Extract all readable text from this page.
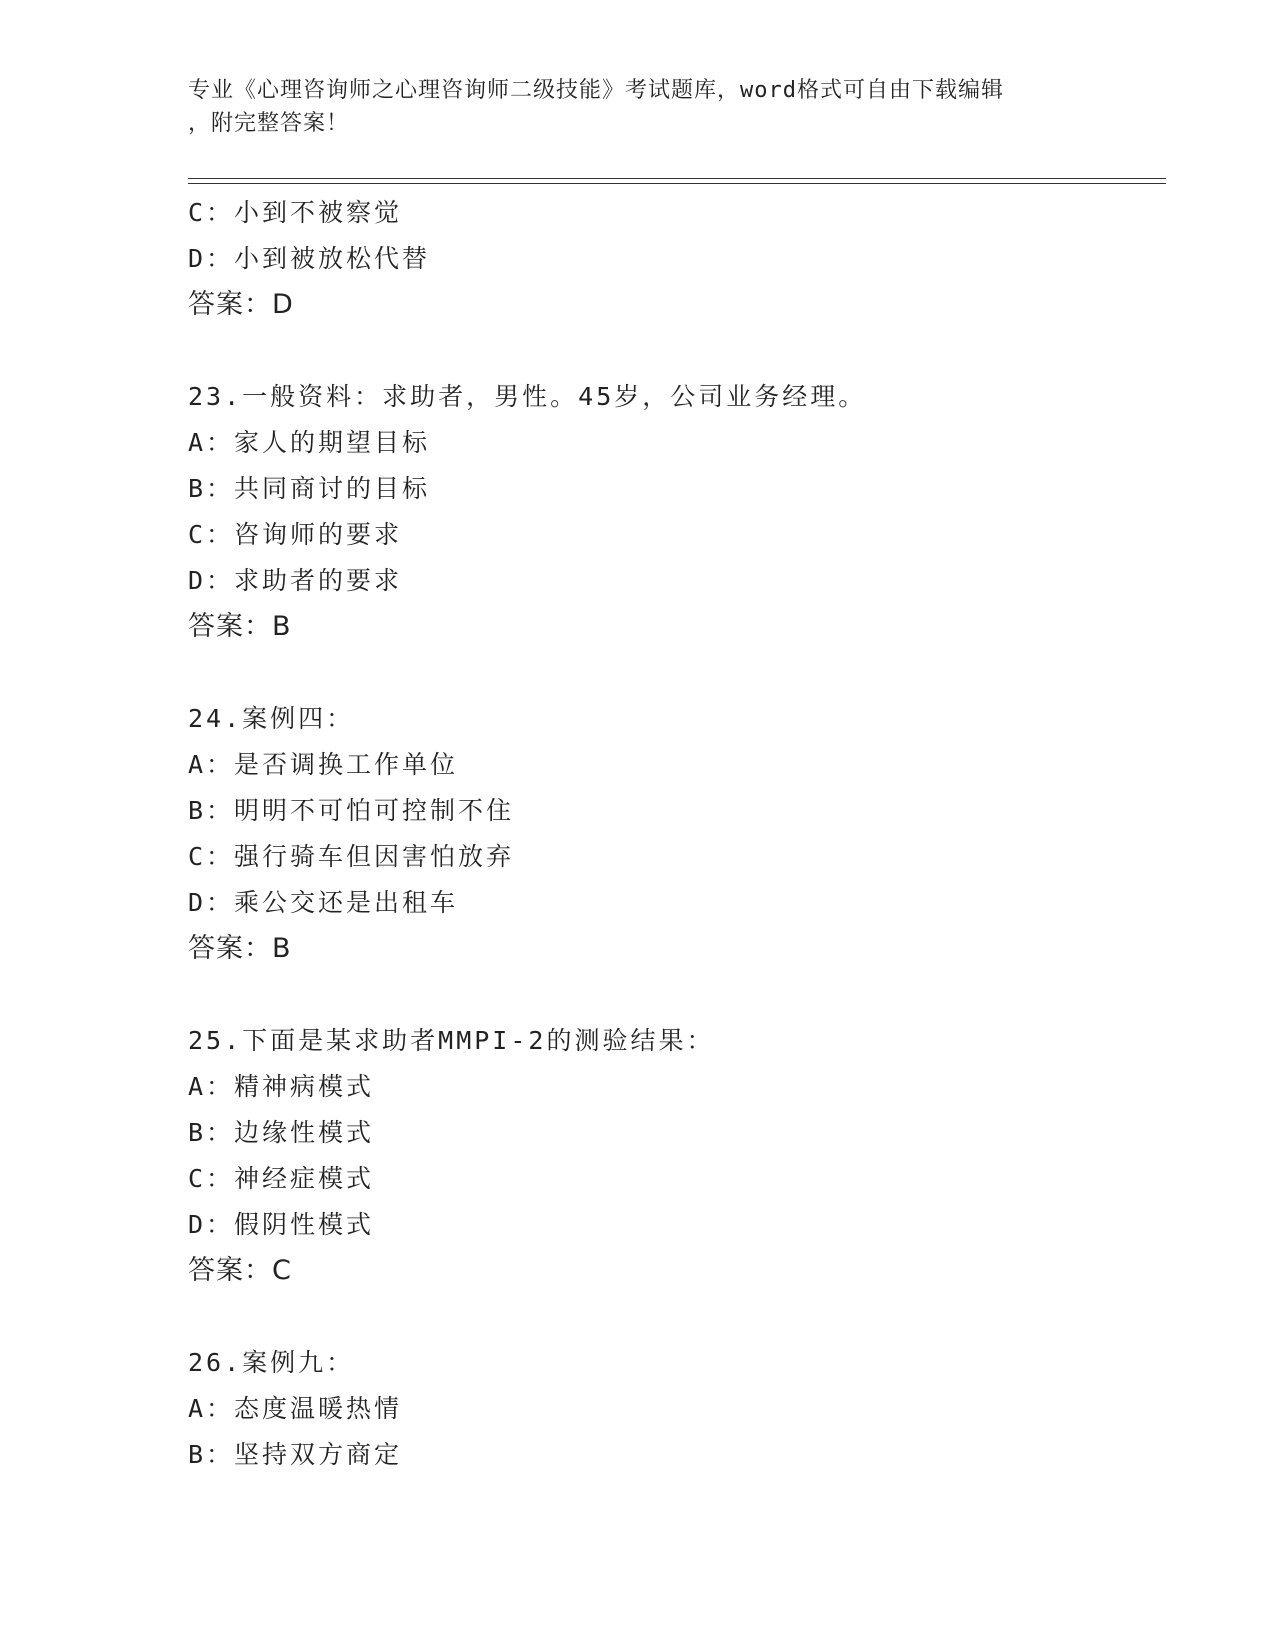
专业《心理咨询师之心理咨询师二级技能》考试题库，word格式可自由下载编辑
，附完整答案！
C：小到不被察觉
D：小到被放松代替
答案：D
23.一般资料：求助者，男性。45岁，公司业务经理。
A：家人的期望目标
B：共同商讨的目标
C：咨询师的要求
D：求助者的要求
答案：B
24.案例四：
A：是否调换工作单位
B：明明不可怕可控制不住
C：强行骑车但因害怕放弃
D：乘公交还是出租车
答案：B
25.下面是某求助者MMPI-2的测验结果：
A：精神病模式
B：边缘性模式
C：神经症模式
D：假阴性模式
答案：C
26.案例九：
A：态度温暖热情
B：坚持双方商定
